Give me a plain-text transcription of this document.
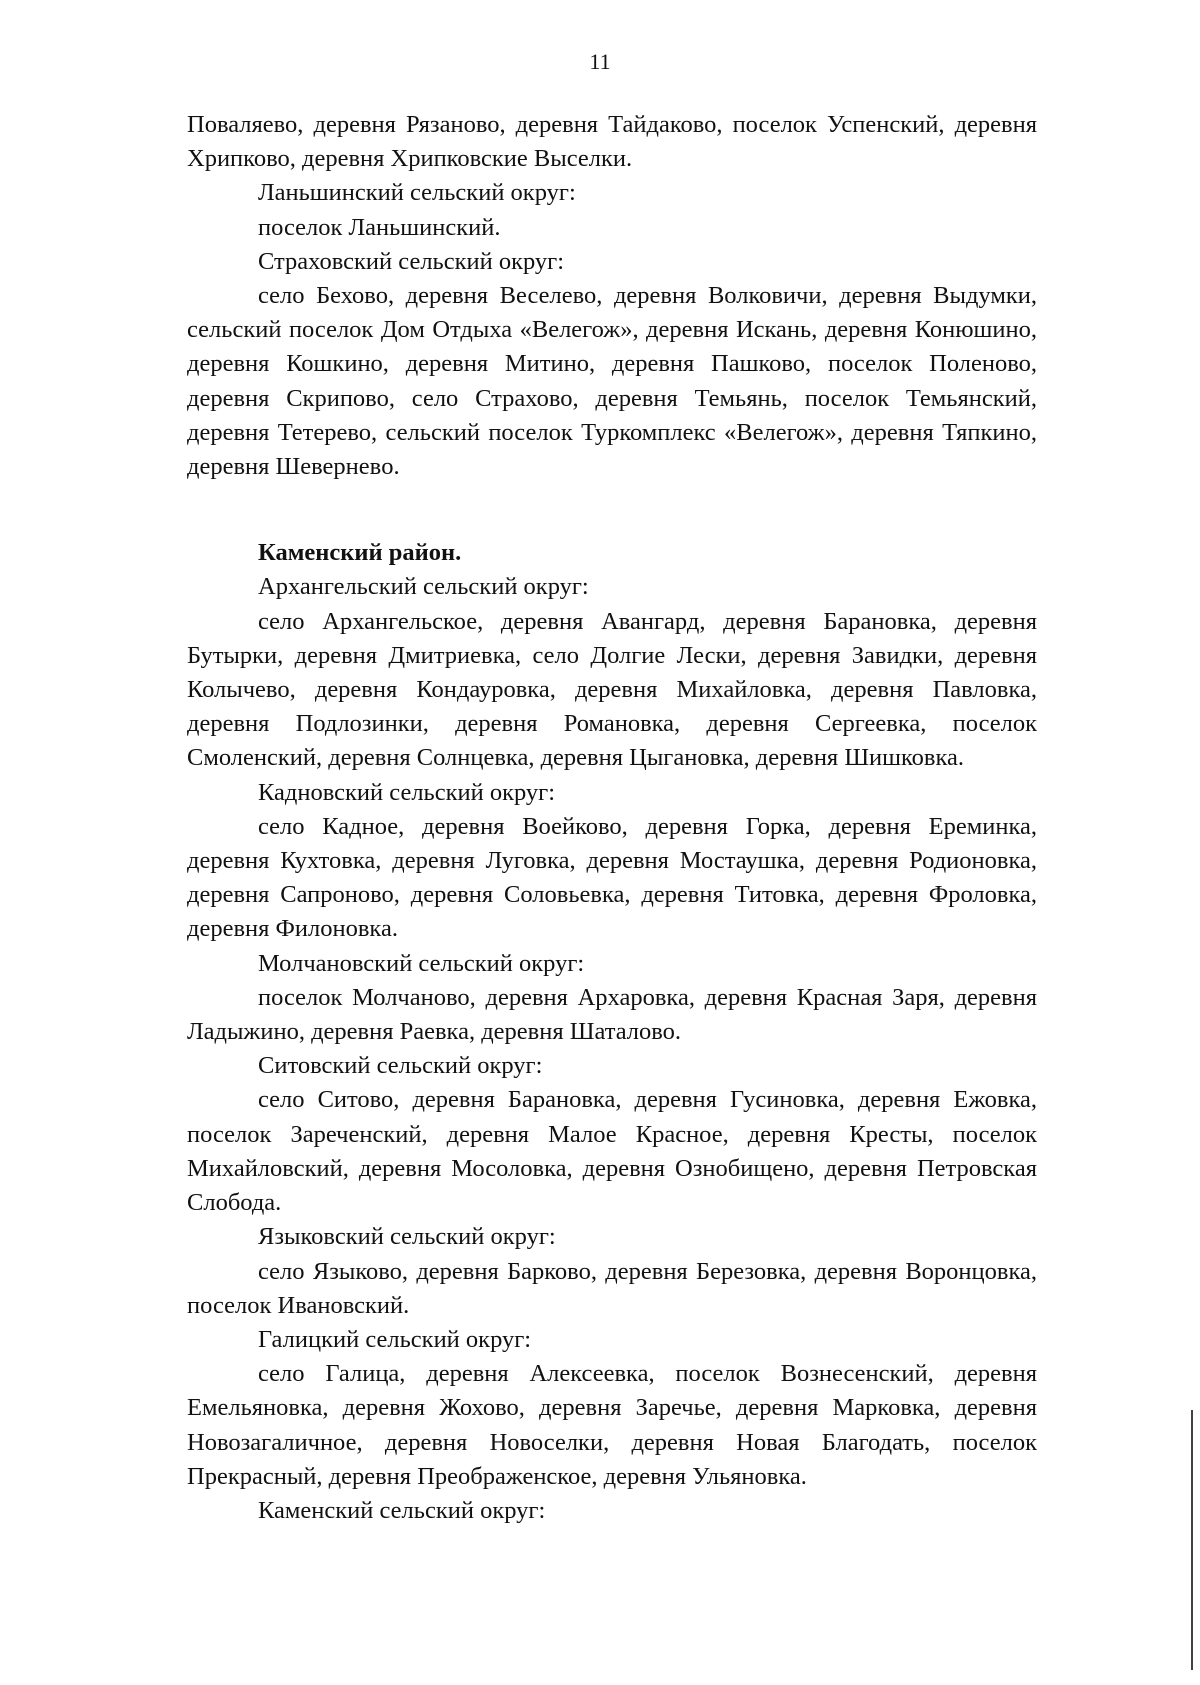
11

Поваляево, деревня Рязаново, деревня Тайдаково, поселок Успенский, деревня Хрипково, деревня Хрипковские Выселки.

Ланьшинский сельский округ:

поселок Ланьшинский.

Страховский сельский округ:

село Бехово, деревня Веселево, деревня Волковичи, деревня Выдумки, сельский поселок Дом Отдыха «Велегож», деревня Искань, деревня Конюшино, деревня Кошкино, деревня Митино, деревня Пашково, поселок Поленово, деревня Скрипово, село Страхово, деревня Темьянь, поселок Темьянский, деревня Тетерево, сельский поселок Туркомплекс «Велегож», деревня Тяпкино, деревня Шеверневo.

Каменский район.

Архангельский сельский округ:

село Архангельское, деревня Авангард, деревня Барановка, деревня Бутырки, деревня Дмитриевка, село Долгие Лески, деревня Завидки, деревня Колычево, деревня Кондауровка, деревня Михайловка, деревня Павловка, деревня Подлозинки, деревня Романовка, деревня Сергеевка, поселок Смоленский, деревня Солнцевка, деревня Цыгановка, деревня Шишковка.

Кадновский сельский округ:

село Кадное, деревня Воейково, деревня Горка, деревня Ереминка, деревня Кухтовка, деревня Луговка, деревня Мостаушка, деревня Родионовка, деревня Сапроново, деревня Соловьевка, деревня Титовка, деревня Фроловка, деревня Филоновка.

Молчановский сельский округ:

поселок Молчаново, деревня Архаровка, деревня Красная Заря, деревня Ладыжино, деревня Раевка, деревня Шаталово.

Ситовский сельский округ:

село Ситово, деревня Барановка, деревня Гусиновка, деревня Ежовка, поселок Зареченский, деревня Малое Красное, деревня Кресты, поселок Михайловский, деревня Мосоловка, деревня Ознобищено, деревня Петровская Слобода.

Языковский сельский округ:

село Языково, деревня Барково, деревня Березовка, деревня Воронцовка, поселок Ивановский.

Галицкий сельский округ:

село Галица, деревня Алексеевка, поселок Вознесенский, деревня Емельяновка, деревня Жохово, деревня Заречье, деревня Марковка, деревня Новозагаличное, деревня Новоселки, деревня Новая Благодать, поселок Прекрасный, деревня Преображенское, деревня Ульяновка.

Каменский сельский округ:
